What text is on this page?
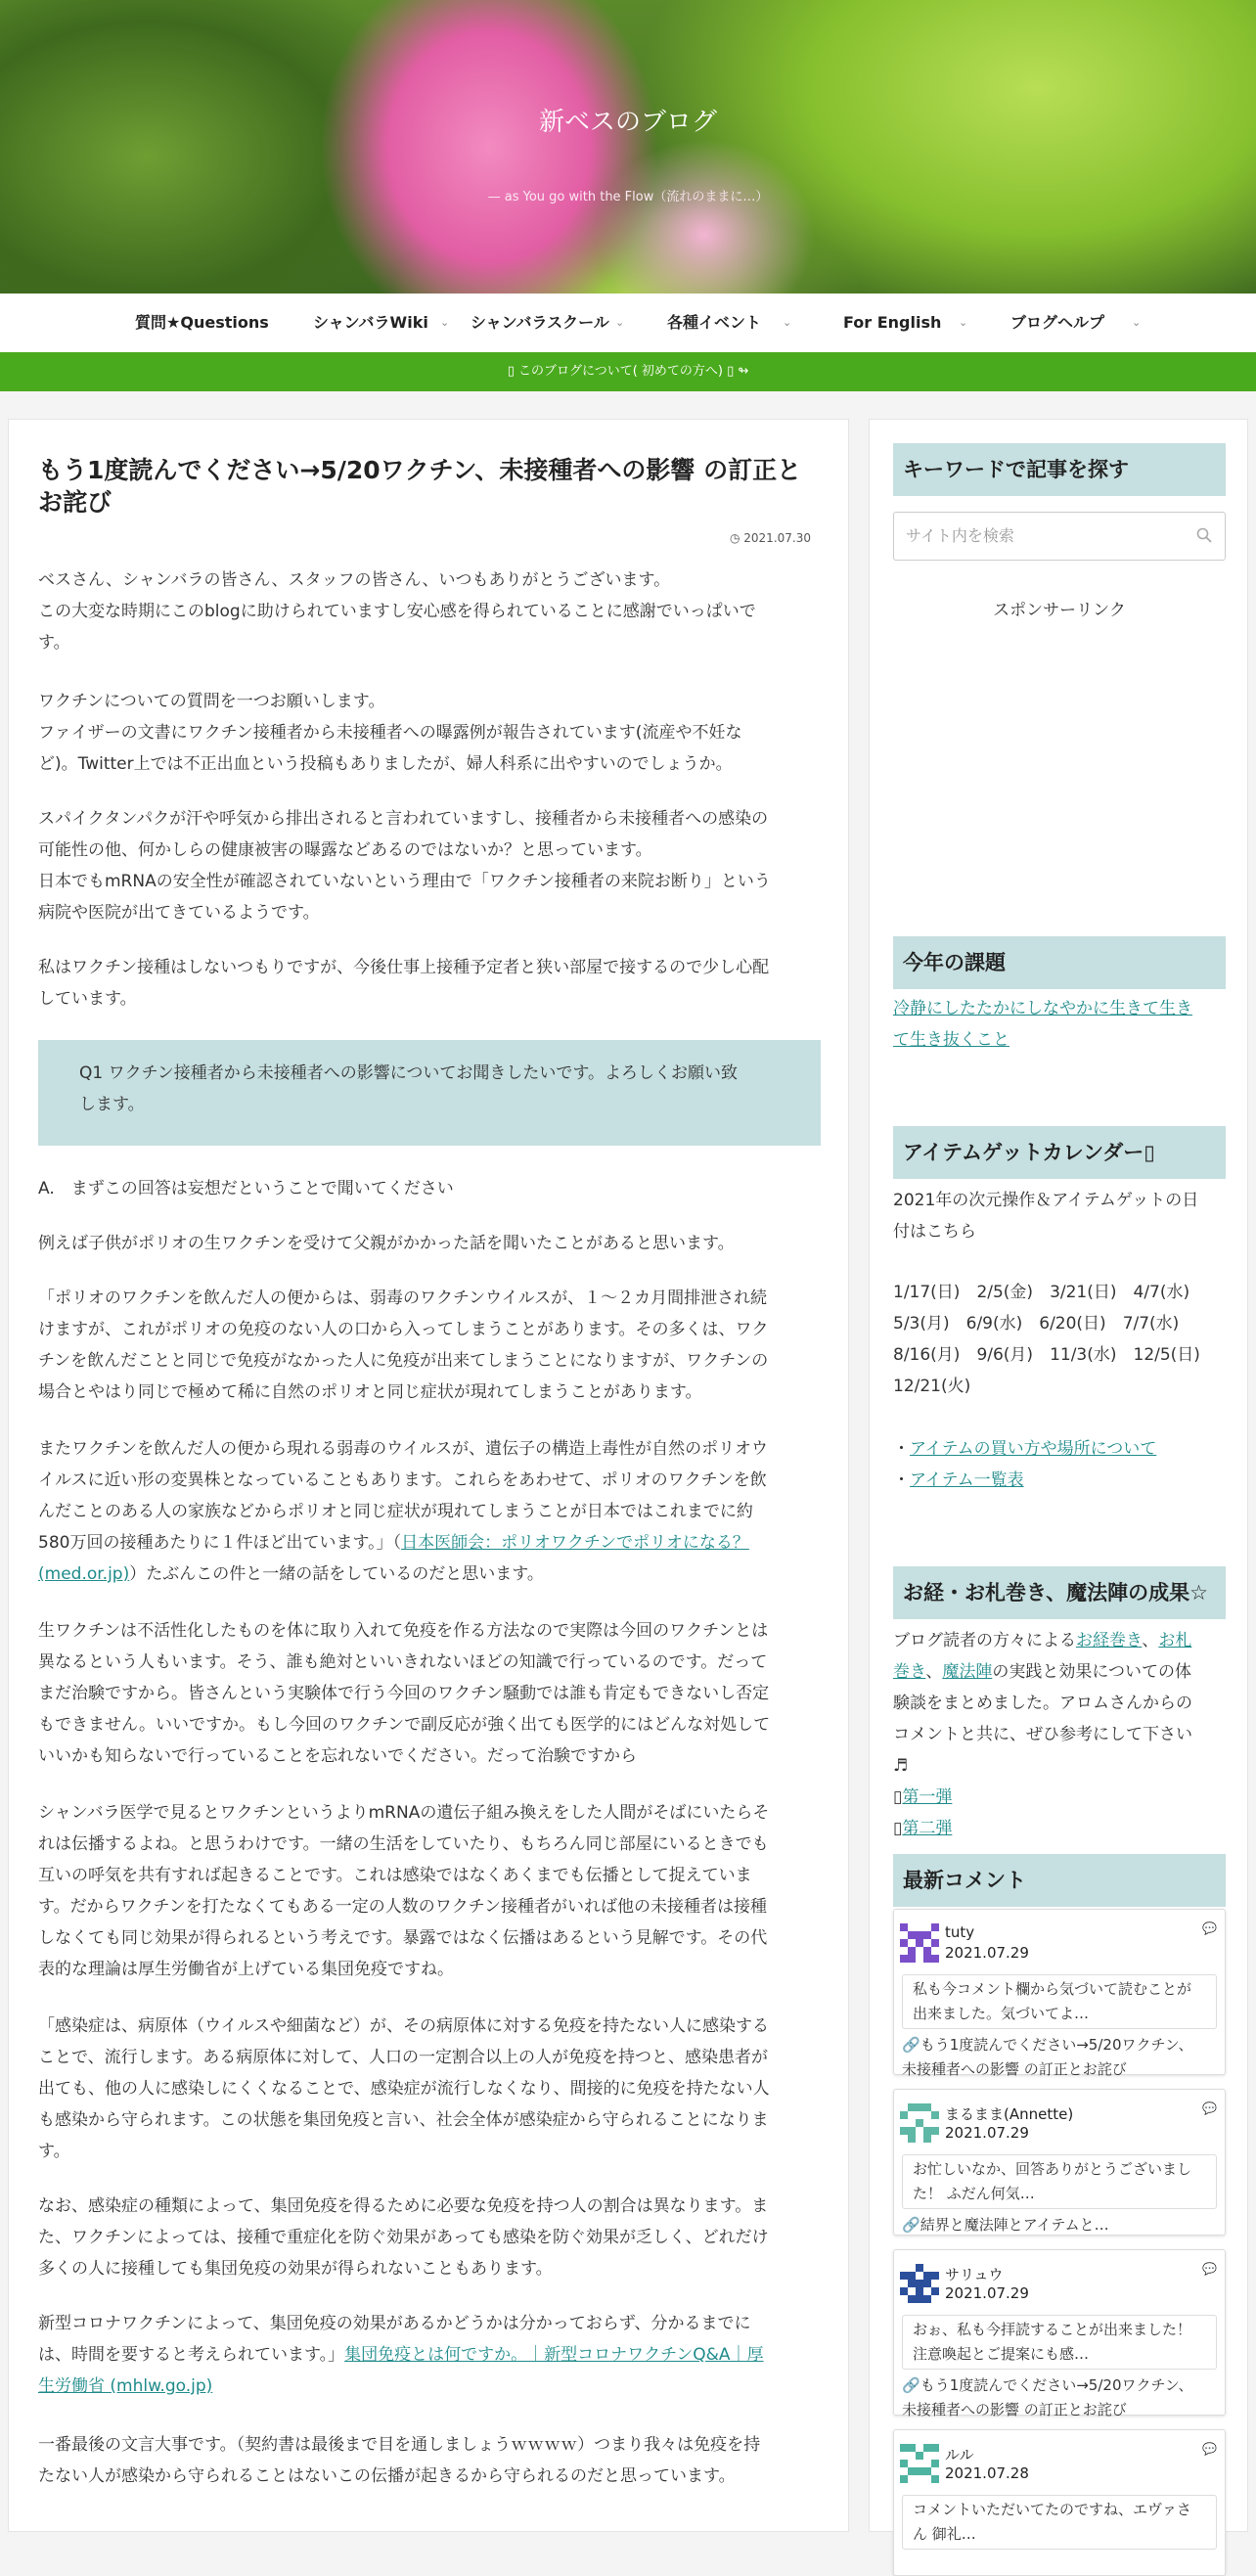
新ベスのブログ
— as You go with the Flow（流れのままに…）
質問★Questions	シャンバラWiki ⌄ シャンバラスクール ⌄	各種イベント ⌄	For English ⌄	ブログヘルプ	⌄
▯ このブログについて( 初めての方へ) ▯ ↬
もう1度読んでください→5/20ワクチン、未接種者への影響 の訂正と
お詫び
◷ 2021.07.30
ベスさん、シャンバラの皆さん、スタッフの皆さん、いつもありがとうございます。
この大変な時期にこのblogに助けられていますし安心感を得られていることに感謝でいっぱいで
す。
ワクチンについての質問を一つお願いします。
ファイザーの文書にワクチン接種者から未接種者への曝露例が報告されています(流産や不妊な
ど)。Twitter上では不正出血という投稿もありましたが、婦人科系に出やすいのでしょうか。
スパイクタンパクが汗や呼気から排出されると言われていますし、接種者から未接種者への感染の
可能性の他、何かしらの健康被害の曝露などあるのではないか？と思っています。
日本でもmRNAの安全性が確認されていないという理由で「ワクチン接種者の来院お断り」という
病院や医院が出てきているようです。
私はワクチン接種はしないつもりですが、今後仕事上接種予定者と狭い部屋で接するので少し心配
しています。
Q1 ワクチン接種者から未接種者への影響についてお聞きしたいです。よろしくお願い致
します。
A.　まずこの回答は妄想だということで聞いてください
例えば子供がポリオの生ワクチンを受けて父親がかかった話を聞いたことがあると思います。
「ポリオのワクチンを飲んだ人の便からは、弱毒のワクチンウイルスが、１～２カ月間排泄され続
けますが、これがポリオの免疫のない人の口から入ってしまうことがあります。その多くは、ワク
チンを飲んだことと同じで免疫がなかった人に免疫が出来てしまうことになりますが、ワクチンの
場合とやはり同じで極めて稀に自然のポリオと同じ症状が現れてしまうことがあります。
またワクチンを飲んだ人の便から現れる弱毒のウイルスが、遺伝子の構造上毒性が自然のポリオウ
イルスに近い形の変異株となっていることもあります。これらをあわせて、ポリオのワクチンを飲
んだことのある人の家族などからポリオと同じ症状が現れてしまうことが日本ではこれまでに約
580万回の接種あたりに１件ほど出ています。」（日本医師会：ポリオワクチンでポリオになる？
(med.or.jp)）たぶんこの件と一緒の話をしているのだと思います。
生ワクチンは不活性化したものを体に取り入れて免疫を作る方法なので実際は今回のワクチンとは
異なるという人もいます。そう、誰も絶対といいきれないほどの知識で行っているのです。だって
まだ治験ですから。皆さんという実験体で行う今回のワクチン騒動では誰も肯定もできないし否定
もできません。いいですか。もし今回のワクチンで副反応が強く出ても医学的にはどんな対処して
いいかも知らないで行っていることを忘れないでください。だって治験ですから
シャンバラ医学で見るとワクチンというよりmRNAの遺伝子組み換えをした人間がそばにいたらそ
れは伝播するよね。と思うわけです。一緒の生活をしていたり、もちろん同じ部屋にいるときでも
互いの呼気を共有すれば起きることです。これは感染ではなくあくまでも伝播として捉えていま
す。だからワクチンを打たなくてもある一定の人数のワクチン接種者がいれば他の未接種者は接種
しなくても同じ効果が得られるという考えです。暴露ではなく伝播はあるという見解です。その代
表的な理論は厚生労働省が上げている集団免疫ですね。
「感染症は、病原体（ウイルスや細菌など）が、その病原体に対する免疫を持たない人に感染する
ことで、流行します。ある病原体に対して、人口の一定割合以上の人が免疫を持つと、感染患者が
出ても、他の人に感染しにくくなることで、感染症が流行しなくなり、間接的に免疫を持たない人
も感染から守られます。この状態を集団免疫と言い、社会全体が感染症から守られることになりま
す。
なお、感染症の種類によって、集団免疫を得るために必要な免疫を持つ人の割合は異なります。ま
た、ワクチンによっては、接種で重症化を防ぐ効果があっても感染を防ぐ効果が乏しく、どれだけ
多くの人に接種しても集団免疫の効果が得られないこともあります。
新型コロナワクチンによって、集団免疫の効果があるかどうかは分かっておらず、分かるまでに
は、時間を要すると考えられています。」集団免疫とは何ですか。｜新型コロナワクチンQ&A｜厚
生労働省 (mhlw.go.jp)
一番最後の文言大事です。（契約書は最後まで目を通しましょうｗｗｗｗ）つまり我々は免疫を持
たない人が感染から守られることはないこの伝播が起きるから守られるのだと思っています。
キーワードで記事を探す
サイト内を検索
スポンサーリンク
今年の課題
冷静にしたたかにしなやかに生きて生き
て生き抜くこと
アイテムゲットカレンダー▯
2021年の次元操作＆アイテムゲットの日
付はこちら
1/17(日)　2/5(金)　3/21(日)　4/7(水)
5/3(月)　6/9(水)　6/20(日)　7/7(水)
8/16(月)　9/6(月)　11/3(水)　12/5(日)
12/21(火)
・アイテムの買い方や場所について
・アイテム一覧表
お経・お札巻き、魔法陣の成果☆
ブログ読者の方々によるお経巻き、お札
巻き、魔法陣の実践と効果についての体
験談をまとめました。アロムさんからの
コメントと共に、ぜひ参考にして下さい
♬
▯第一弾
▯第二弾
最新コメント
tuty
2021.07.29
💬
私も今コメント欄から気づいて読むことが
出来ました。気づいてよ…
🔗もう1度読んでください→5/20ワクチン、
未接種者への影響 の訂正とお詫び
まるまま(Annette)
2021.07.29
💬
お忙しいなか、回答ありがとうございまし
た！ ふだん何気…
🔗結界と魔法陣とアイテムと…
サリュウ
2021.07.29
💬
おぉ、私も今拝読することが出来ました！
注意喚起とご提案にも感…
🔗もう1度読んでください→5/20ワクチン、
未接種者への影響 の訂正とお詫び
ルル
2021.07.28
💬
コメントいただいてたのですね、エヴァさ
ん 御礼…
